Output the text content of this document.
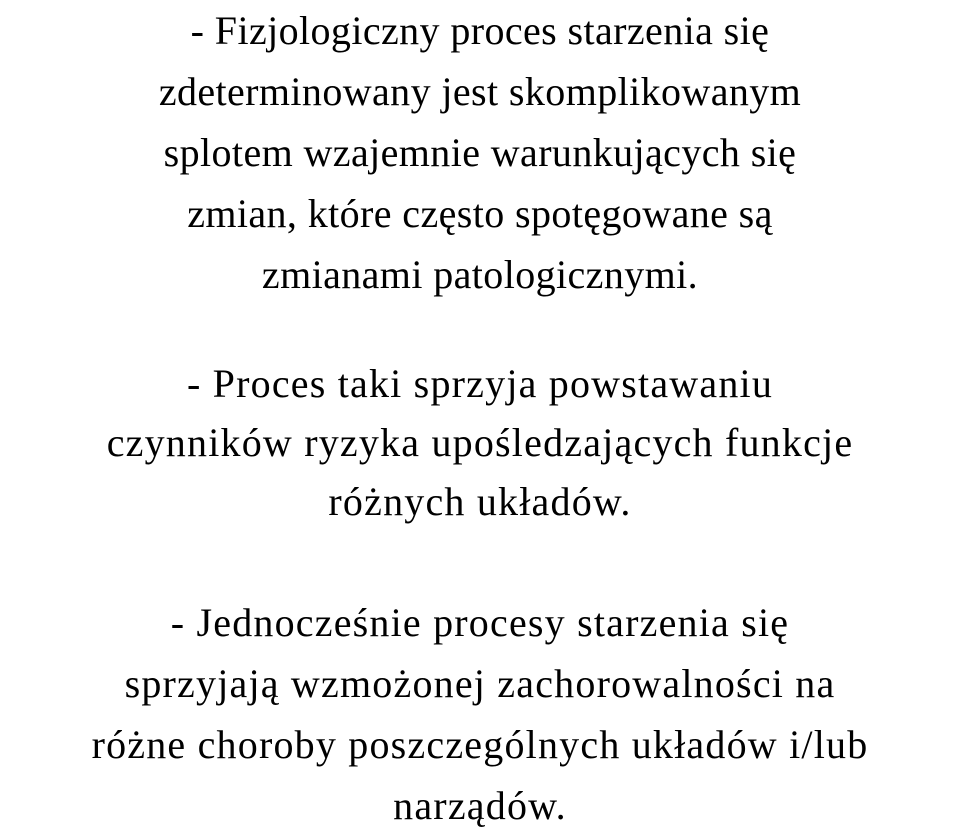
- Fizjologiczny proces starzenia się
zdeterminowany jest skomplikowanym
splotem wzajemnie warunkujących się
zmian, które często spotęgowane są
zmianami patologicznymi.
- Proces taki sprzyja powstawaniu
czynników ryzyka upośledzających funkcje
różnych układów.
- Jednocześnie procesy starzenia się
sprzyjają wzmożonej zachorowalności na
różne choroby poszczególnych układów i/lub
narządów.
